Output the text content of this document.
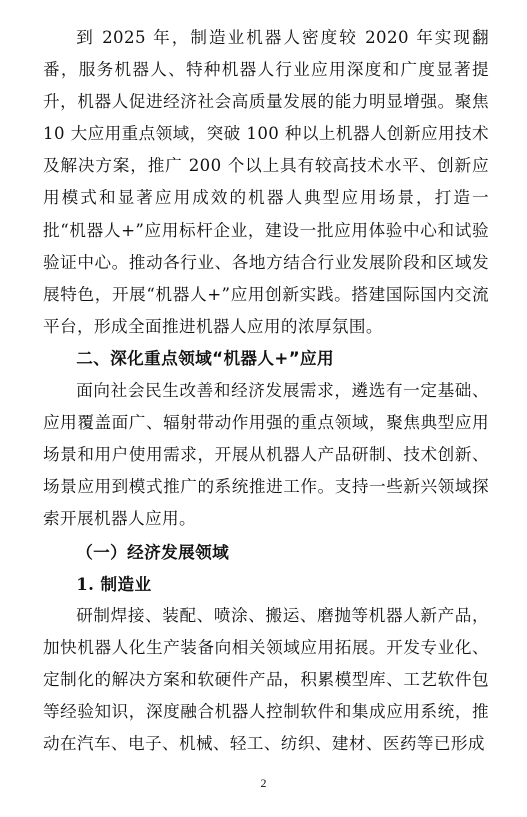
到 2025 年，制造业机器人密度较 2020 年实现翻番，服务机器人、特种机器人行业应用深度和广度显著提升，机器人促进经济社会高质量发展的能力明显增强。聚焦 10 大应用重点领域，突破 100 种以上机器人创新应用技术及解决方案，推广 200 个以上具有较高技术水平、创新应用模式和显著应用成效的机器人典型应用场景，打造一批“机器人+”应用标杆企业，建设一批应用体验中心和试验验证中心。推动各行业、各地方结合行业发展阶段和区域发展特色，开展“机器人+”应用创新实践。搭建国际国内交流平台，形成全面推进机器人应用的浓厚氛围。

二、深化重点领域“机器人+”应用

面向社会民生改善和经济发展需求，遴选有一定基础、应用覆盖面广、辐射带动作用强的重点领域，聚焦典型应用场景和用户使用需求，开展从机器人产品研制、技术创新、场景应用到模式推广的系统推进工作。支持一些新兴领域探索开展机器人应用。

（一）经济发展领域

1. 制造业

研制焊接、装配、喷涂、搬运、磨抛等机器人新产品，加快机器人化生产装备向相关领域应用拓展。开发专业化、定制化的解决方案和软硬件产品，积累模型库、工艺软件包等经验知识，深度融合机器人控制软件和集成应用系统，推动在汽车、电子、机械、轻工、纺织、建材、医药等已形成

2
